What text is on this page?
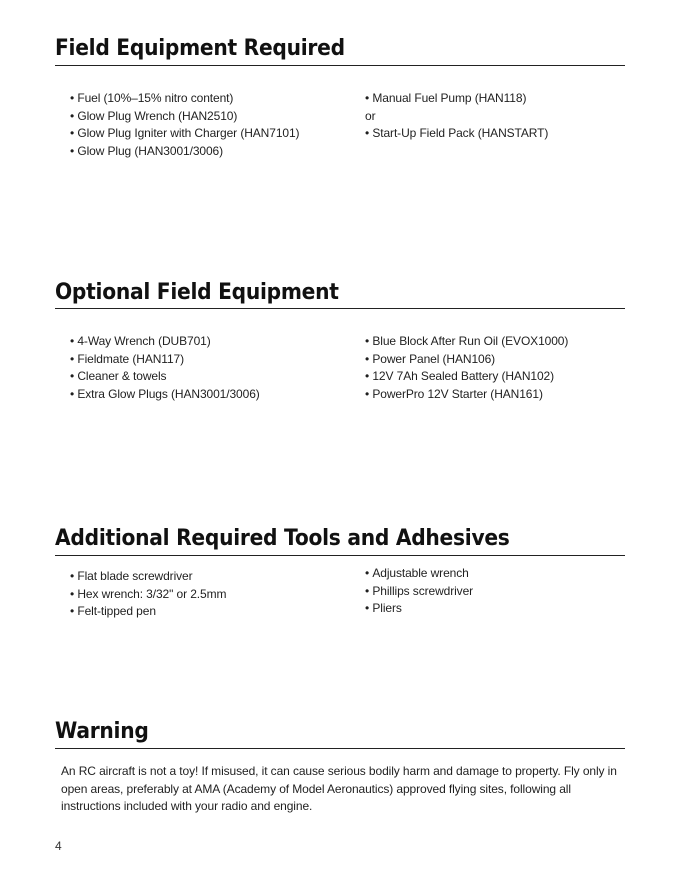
Field Equipment Required
• Fuel (10%–15% nitro content)
• Glow Plug Wrench (HAN2510)
• Glow Plug Igniter with Charger (HAN7101)
• Glow Plug (HAN3001/3006)
• Manual Fuel Pump (HAN118)
or
• Start-Up Field Pack (HANSTART)
Optional Field Equipment
• 4-Way Wrench (DUB701)
• Fieldmate (HAN117)
• Cleaner & towels
• Extra Glow Plugs (HAN3001/3006)
• Blue Block After Run Oil (EVOX1000)
• Power Panel (HAN106)
• 12V 7Ah Sealed Battery (HAN102)
• PowerPro 12V Starter (HAN161)
Additional Required Tools and Adhesives
• Flat blade screwdriver
• Hex wrench: 3/32" or 2.5mm
• Felt-tipped pen
• Adjustable wrench
• Phillips screwdriver
• Pliers
Warning

An RC aircraft is not a toy! If misused, it can cause serious bodily harm and damage to property. Fly only in open areas, preferably at AMA (Academy of Model Aeronautics) approved flying sites, following all instructions included with your radio and engine.

4
